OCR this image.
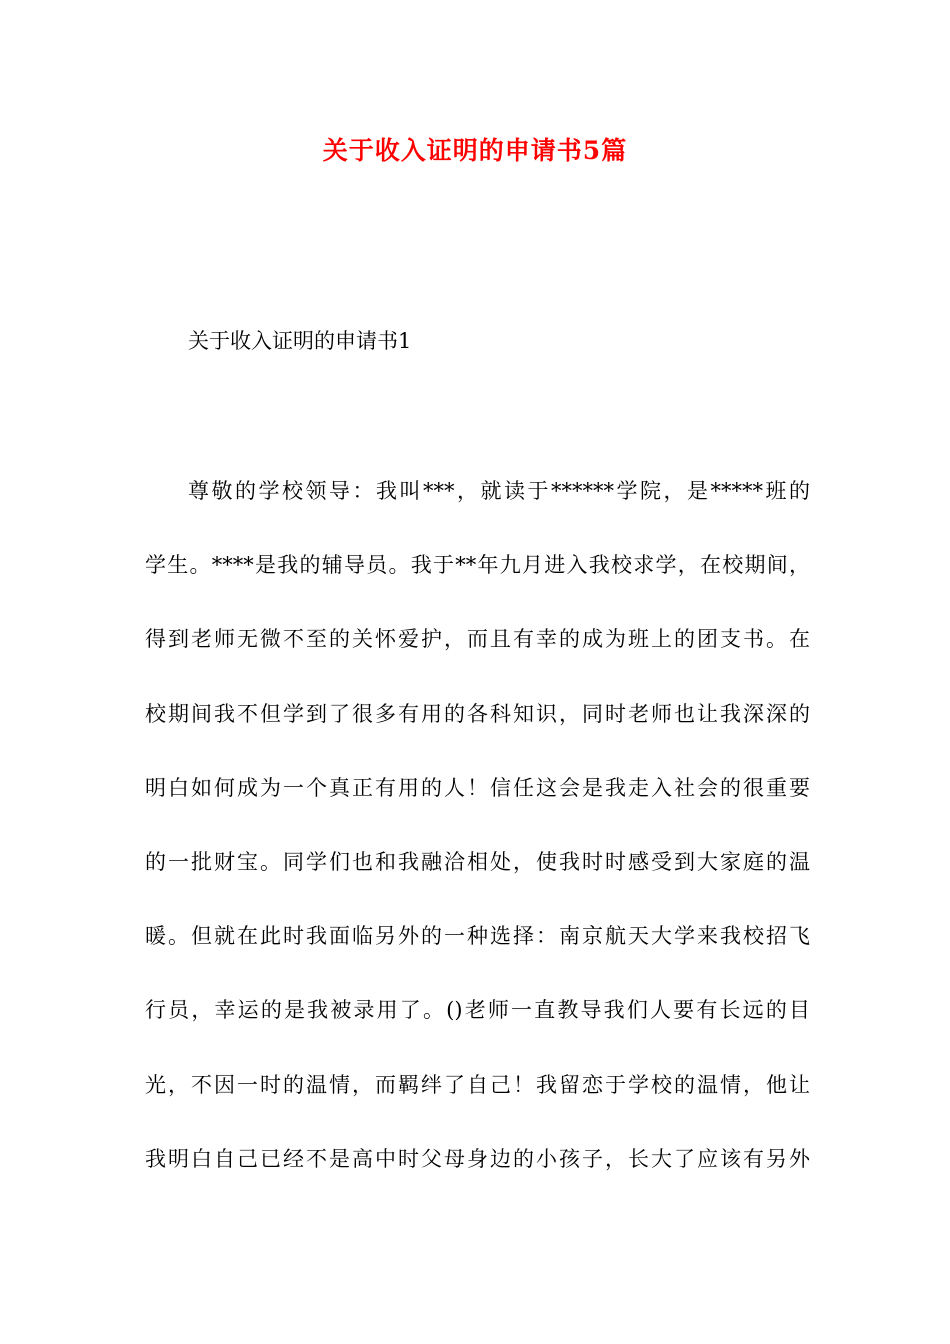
关于收入证明的申请书5篇
关于收入证明的申请书1
尊敬的学校领导：我叫***，就读于******学院，是*****班的
学生。****是我的辅导员。我于**年九月进入我校求学，在校期间，
得到老师无微不至的关怀爱护，而且有幸的成为班上的团支书。在
校期间我不但学到了很多有用的各科知识，同时老师也让我深深的
明白如何成为一个真正有用的人！信任这会是我走入社会的很重要
的一批财宝。同学们也和我融洽相处，使我时时感受到大家庭的温
暖。但就在此时我面临另外的一种选择：南京航天大学来我校招飞
行员，幸运的是我被录用了。()老师一直教导我们人要有长远的目
光，不因一时的温情，而羁绊了自己！我留恋于学校的温情，他让
我明白自己已经不是高中时父母身边的小孩子，长大了应该有另外
